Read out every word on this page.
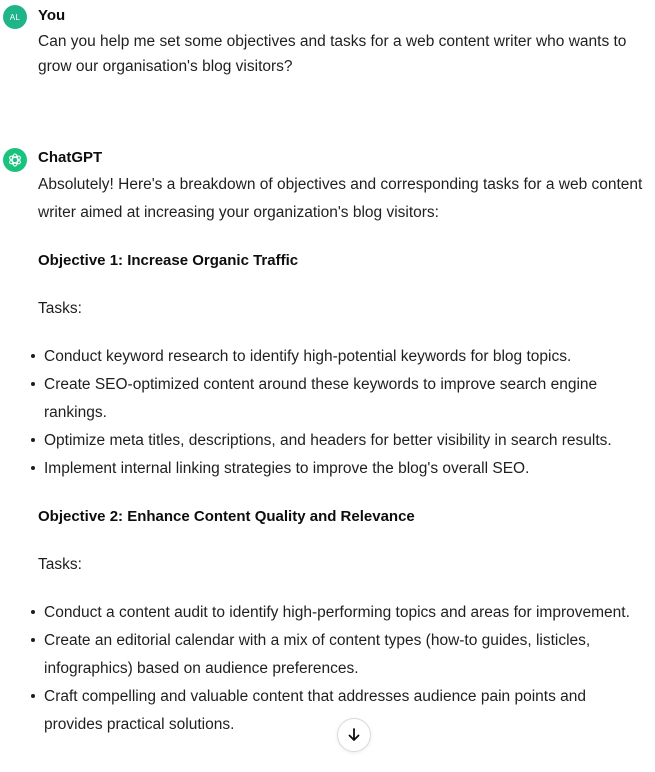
AL You
Can you help me set some objectives and tasks for a web content writer who wants to grow our organisation's blog visitors?
ChatGPT
Absolutely! Here's a breakdown of objectives and corresponding tasks for a web content writer aimed at increasing your organization's blog visitors:
Objective 1: Increase Organic Traffic
Tasks:
Conduct keyword research to identify high-potential keywords for blog topics.
Create SEO-optimized content around these keywords to improve search engine rankings.
Optimize meta titles, descriptions, and headers for better visibility in search results.
Implement internal linking strategies to improve the blog's overall SEO.
Objective 2: Enhance Content Quality and Relevance
Tasks:
Conduct a content audit to identify high-performing topics and areas for improvement.
Create an editorial calendar with a mix of content types (how-to guides, listicles, infographics) based on audience preferences.
Craft compelling and valuable content that addresses audience pain points and provides practical solutions.
